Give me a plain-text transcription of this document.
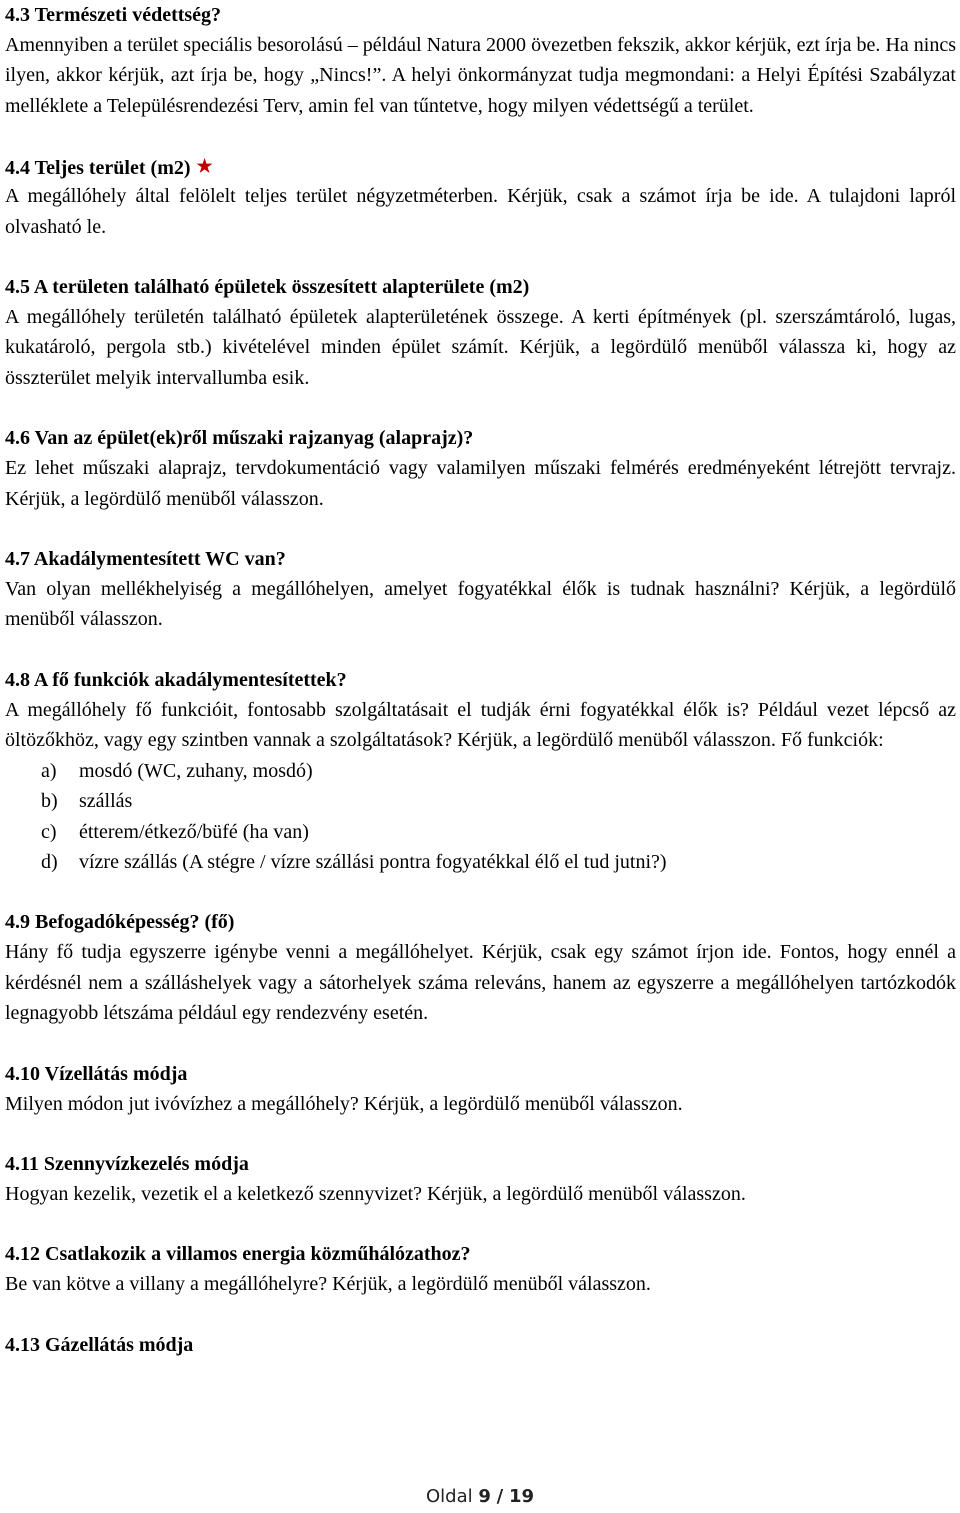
4.3 Természeti védettség?

Amennyiben a terület speciális besorolású – például Natura 2000 övezetben fekszik, akkor kérjük, ezt írja be. Ha nincs ilyen, akkor kérjük, azt írja be, hogy „Nincs!”. A helyi önkormányzat tudja megmondani: a Helyi Építési Szabályzat melléklete a Településrendezési Terv, amin fel van tűntetve, hogy milyen védettségű a terület.

4.4 Teljes terület (m2) ★

A megállóhely által felölelt teljes terület négyzetméterben. Kérjük, csak a számot írja be ide. A tulajdoni lapról olvasható le.

4.5 A területen található épületek összesített alapterülete (m2)

A megállóhely területén található épületek alapterületének összege. A kerti építmények (pl. szerszámtároló, lugas, kukatároló, pergola stb.) kivételével minden épület számít. Kérjük, a legördülő menüből válassza ki, hogy az összterület melyik intervallumba esik.

4.6 Van az épület(ek)ről műszaki rajzanyag (alaprajz)?

Ez lehet műszaki alaprajz, tervdokumentáció vagy valamilyen műszaki felmérés eredményeként létrejött tervrajz. Kérjük, a legördülő menüből válasszon.

4.7 Akadálymentesített WC van?

Van olyan mellékhelyiség a megállóhelyen, amelyet fogyatékkal élők is tudnak használni? Kérjük, a legördülő menüből válasszon.

4.8 A fő funkciók akadálymentesítettek?

A megállóhely fő funkcióit, fontosabb szolgáltatásait el tudják érni fogyatékkal élők is? Például vezet lépcső az öltözőkhöz, vagy egy szintben vannak a szolgáltatások? Kérjük, a legördülő menüből válasszon. Fő funkciók:

a)	mosdó (WC, zuhany, mosdó)
b)	szállás
c)	étterem/étkező/büfé (ha van)
d)	vízre szállás (A stégre / vízre szállási pontra fogyatékkal élő el tud jutni?)

4.9 Befogadóképesség? (fő)

Hány fő tudja egyszerre igénybe venni a megállóhelyet. Kérjük, csak egy számot írjon ide. Fontos, hogy ennél a kérdésnél nem a szálláshelyek vagy a sátorhelyek száma releváns, hanem az egyszerre a megállóhelyen tartózkodók legnagyobb létszáma például egy rendezvény esetén.

4.10 Vízellátás módja

Milyen módon jut ivóvízhez a megállóhely? Kérjük, a legördülő menüből válasszon.

4.11 Szennyvízkezelés módja

Hogyan kezelik, vezetik el a keletkező szennyvizet? Kérjük, a legördülő menüből válasszon.

4.12 Csatlakozik a villamos energia közműhálózathoz?

Be van kötve a villany a megállóhelyre? Kérjük, a legördülő menüből válasszon.

4.13 Gázellátás módja

Oldal 9 / 19
